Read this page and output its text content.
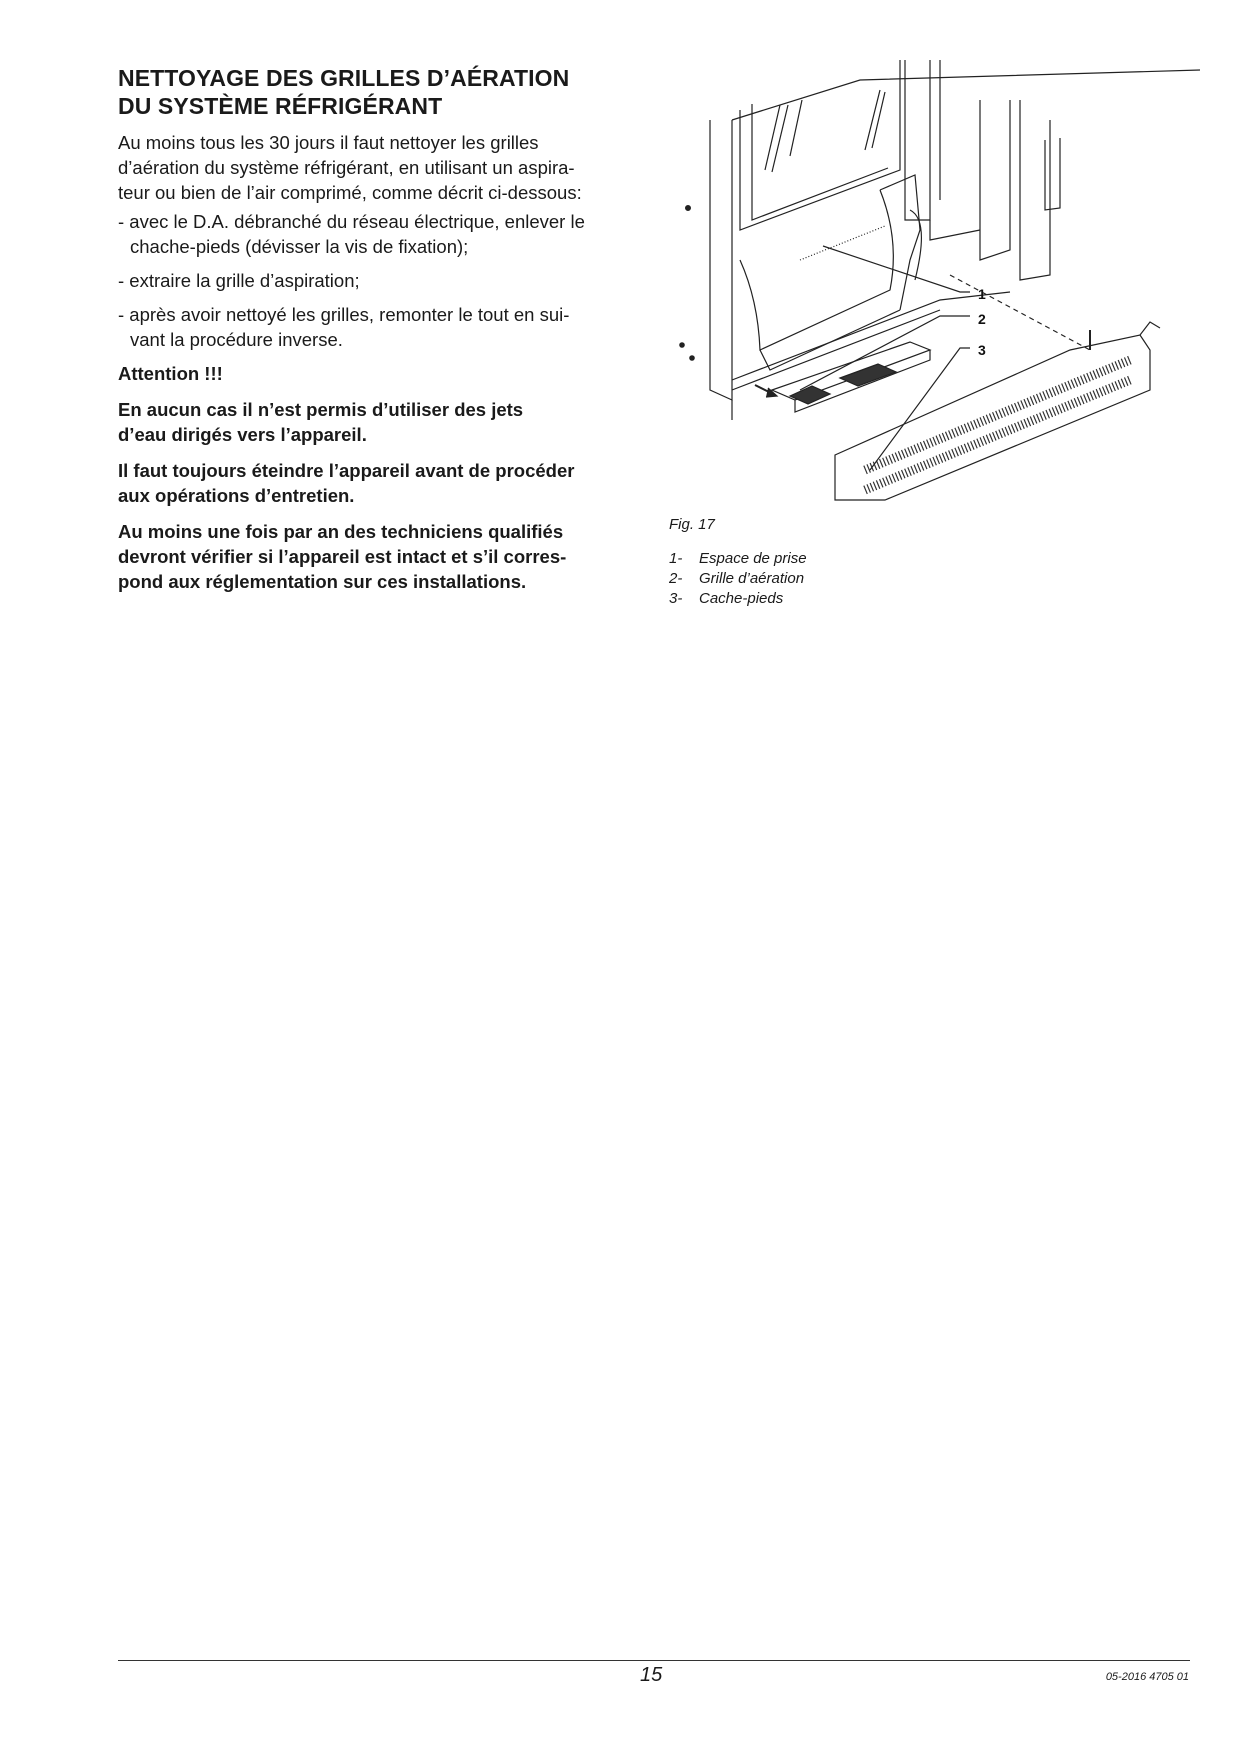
NETTOYAGE DES GRILLES D’AÉRATION
DU SYSTÈME RÉFRIGÉRANT

Au moins tous les 30 jours il faut nettoyer les grilles
d’aération du système réfrigérant, en utilisant un aspira-
teur ou bien de l’air comprimé, comme décrit ci-dessous:

- avec le D.A. débranché du réseau électrique, enlever le
chache-pieds (dévisser la vis de fixation);

- extraire la grille d’aspiration;

- après avoir nettoyé les grilles, remonter le tout en sui-
vant la procédure inverse.

Attention !!!

En aucun cas il n’est permis d’utiliser des jets
d’eau dirigés vers l’appareil.

Il faut toujours éteindre l’appareil avant de procéder
aux opérations d’entretien.

Au moins une fois par an des techniciens qualifiés
devront vérifier si l’appareil est intact et s’il corres-
pond aux réglementation sur ces installations.

1
2
3
Fig. 17
1-	Espace de prise
2-	Grille d’aération
3-	Cache-pieds
15	05-2016 4705 01
